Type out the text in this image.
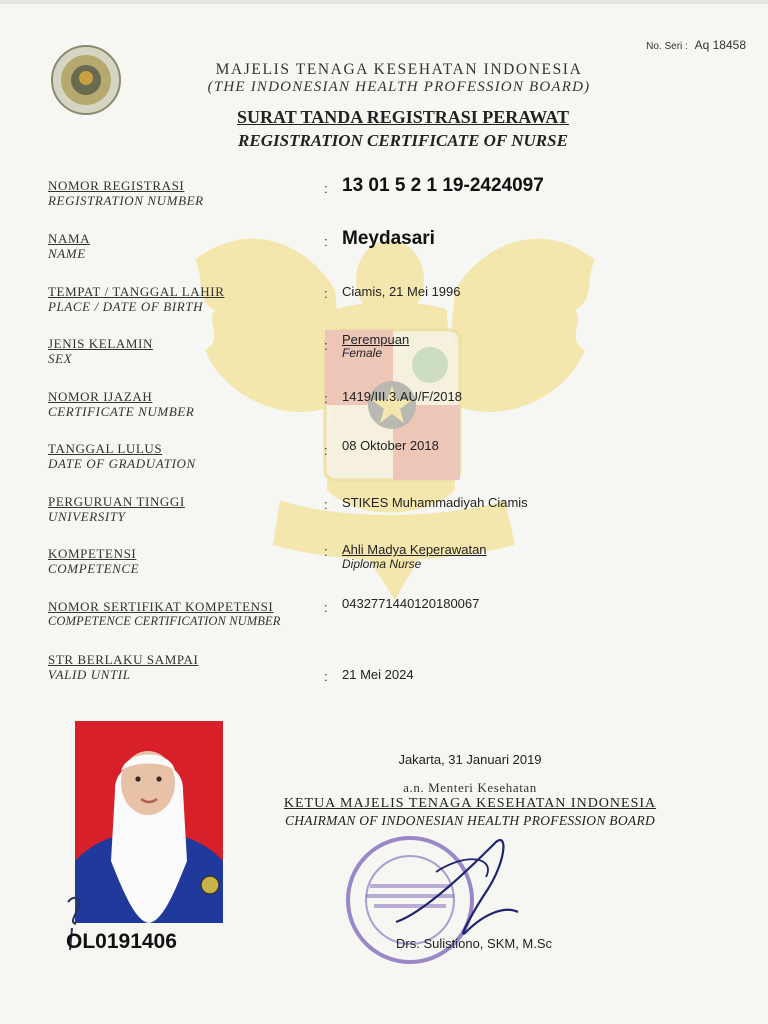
No. Seri : Aq 18458
MAJELIS TENAGA KESEHATAN INDONESIA
(THE INDONESIAN HEALTH PROFESSION BOARD)
SURAT TANDA REGISTRASI PERAWAT
REGISTRATION CERTIFICATE OF NURSE
NOMOR REGISTRASI
REGISTRATION NUMBER
: 13 01 5 2 1 19-2424097
NAMA
NAME
: Meydasari
TEMPAT / TANGGAL LAHIR
PLACE / DATE OF BIRTH
: Ciamis, 21 Mei 1996
JENIS KELAMIN
SEX
: Perempuan
Female
NOMOR IJAZAH
CERTIFICATE NUMBER
: 1419/III.3.AU/F/2018
TANGGAL LULUS
DATE OF GRADUATION
: 08 Oktober 2018
PERGURUAN TINGGI
UNIVERSITY
: STIKES Muhammadiyah Ciamis
KOMPETENSI
COMPETENCE
: Ahli Madya Keperawatan
Diploma Nurse
NOMOR SERTIFIKAT KOMPETENSI
COMPETENCE CERTIFICATION NUMBER
: 0432771440120180067
STR BERLAKU SAMPAI
VALID UNTIL	: 21 Mei 2024
OL0191406
Jakarta, 31 Januari 2019
a.n. Menteri Kesehatan
KETUA MAJELIS TENAGA KESEHATAN INDONESIA
CHAIRMAN OF INDONESIAN HEALTH PROFESSION BOARD
Drs. Sulistiono, SKM, M.Sc
